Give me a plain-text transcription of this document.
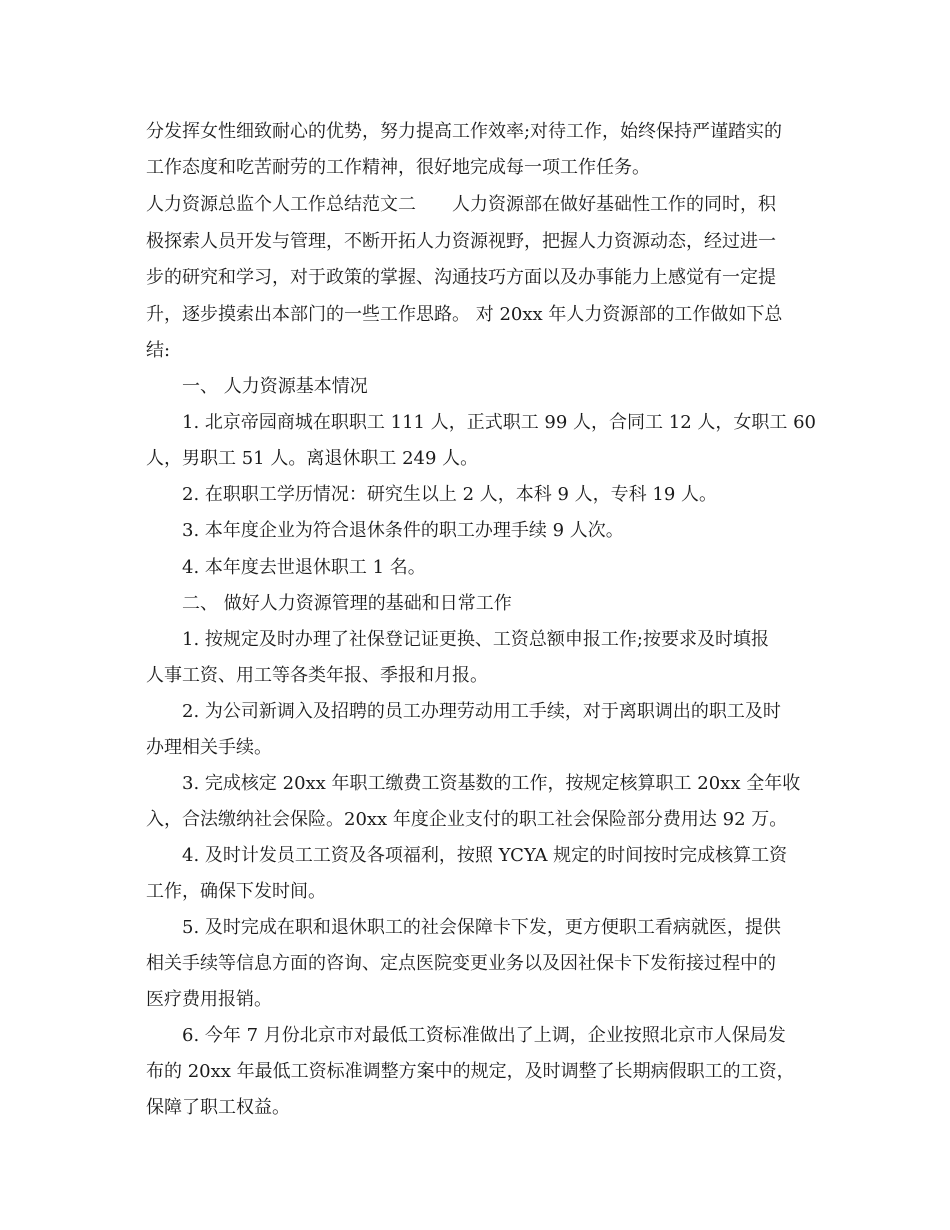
分发挥女性细致耐心的优势，努力提高工作效率;对待工作，始终保持严谨踏实的
工作态度和吃苦耐劳的工作精神，很好地完成每一项工作任务。
人力资源总监个人工作总结范文二　　人力资源部在做好基础性工作的同时，积
极探索人员开发与管理，不断开拓人力资源视野，把握人力资源动态，经过进一
步的研究和学习，对于政策的掌握、沟通技巧方面以及办事能力上感觉有一定提
升，逐步摸索出本部门的一些工作思路。 对 20xx 年人力资源部的工作做如下总
结:
一、 人力资源基本情况
1. 北京帝园商城在职职工 111 人，正式职工 99 人，合同工 12 人，女职工 60
人，男职工 51 人。离退休职工 249 人。
2. 在职职工学历情况：研究生以上 2 人，本科 9 人，专科 19 人。
3. 本年度企业为符合退休条件的职工办理手续 9 人次。
4. 本年度去世退休职工 1 名。
二、 做好人力资源管理的基础和日常工作
1. 按规定及时办理了社保登记证更换、工资总额申报工作;按要求及时填报
人事工资、用工等各类年报、季报和月报。
2. 为公司新调入及招聘的员工办理劳动用工手续，对于离职调出的职工及时
办理相关手续。
3. 完成核定 20xx 年职工缴费工资基数的工作，按规定核算职工 20xx 全年收
入，合法缴纳社会保险。20xx 年度企业支付的职工社会保险部分费用达 92 万。
4. 及时计发员工工资及各项福利，按照 YCYA 规定的时间按时完成核算工资
工作，确保下发时间。
5. 及时完成在职和退休职工的社会保障卡下发，更方便职工看病就医，提供
相关手续等信息方面的咨询、定点医院变更业务以及因社保卡下发衔接过程中的
医疗费用报销。
6. 今年 7 月份北京市对最低工资标准做出了上调，企业按照北京市人保局发
布的 20xx 年最低工资标准调整方案中的规定，及时调整了长期病假职工的工资，
保障了职工权益。
